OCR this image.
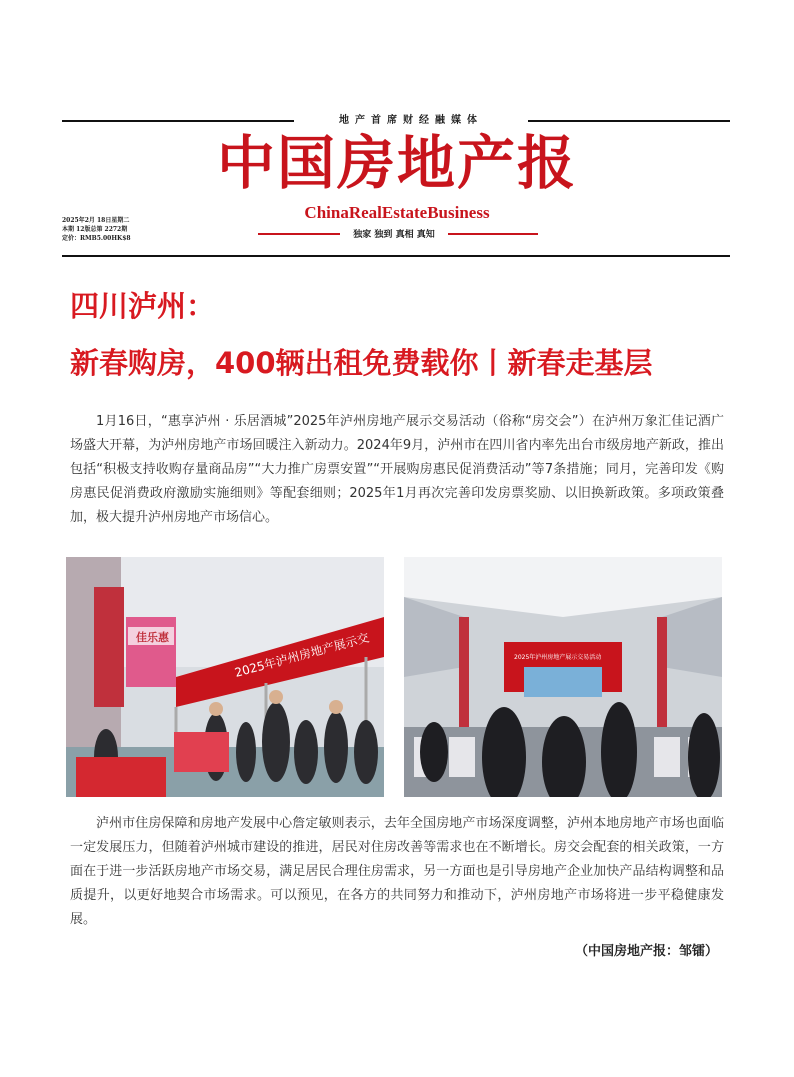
地产首席财经融媒体
中国房地产报
ChinaRealEstateBusiness
2025年2月 18日星期二
本期 12版总第 2272期
定价：RMB5.00HK$8	独家 独到 真相 真知
四川泸州：
新春购房，400辆出租免费载你丨新春走基层

1月16日，“惠享泸州 · 乐居酒城”2025年泸州房地产展示交易活动（俗称“房交会”）在泸州万象汇佳记酒广场盛大开幕，为泸州房地产市场回暖注入新动力。2024年9月，泸州市在四川省内率先出台市级房地产新政，推出包括“积极支持收购存量商品房”“大力推广房票安置”“开展购房惠民促消费活动”等7条措施；同月，完善印发《购房惠民促消费政府激励实施细则》等配套细则；2025年1月再次完善印发房票奖励、以旧换新政策。多项政策叠加，极大提升泸州房地产市场信心。

佳乐惠	2025年泸州房地产展示交	2025年泸州房地产展示交易活动

泸州市住房保障和房地产发展中心詹定敏则表示，去年全国房地产市场深度调整，泸州本地房地产市场也面临一定发展压力，但随着泸州城市建设的推进，居民对住房改善等需求也在不断增长。房交会配套的相关政策，一方面在于进一步活跃房地产市场交易，满足居民合理住房需求，另一方面也是引导房地产企业加快产品结构调整和品质提升，以更好地契合市场需求。可以预见，在各方的共同努力和推动下，泸州房地产市场将进一步平稳健康发展。

（中国房地产报：邹镭）
